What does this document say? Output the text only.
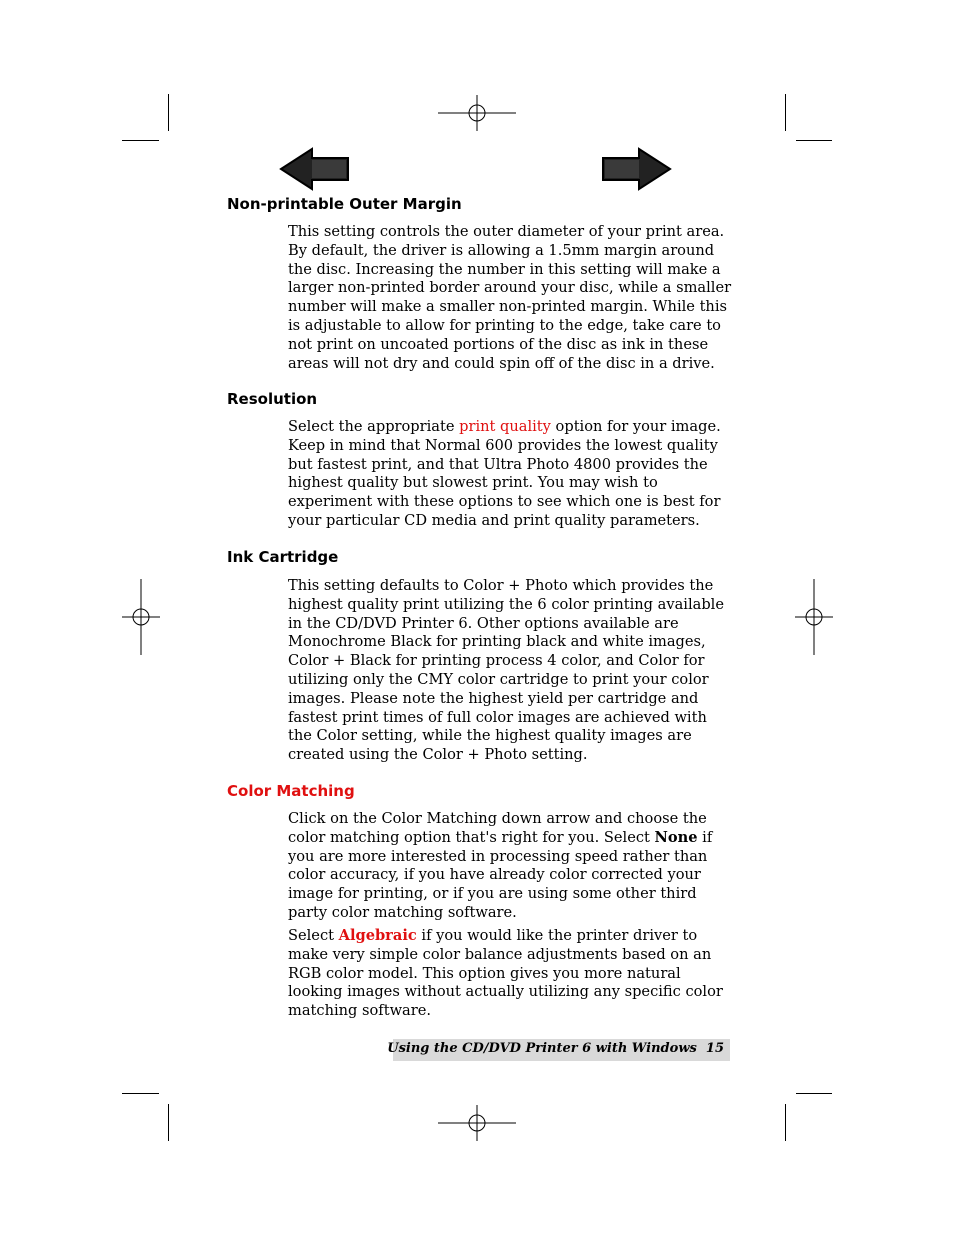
Non-printable Outer Margin

This setting controls the outer diameter of your print area. By default, the driver is allowing a 1.5mm margin around the disc. Increasing the number in this setting will make a larger non-printed border around your disc, while a smaller number will make a smaller non-printed margin. While this is adjustable to allow for printing to the edge, take care to not print on uncoated portions of the disc as ink in these areas will not dry and could spin off of the disc in a drive.

Resolution

Select the appropriate print quality option for your image. Keep in mind that Normal 600 provides the lowest quality but fastest print, and that Ultra Photo 4800 provides the highest quality but slowest print. You may wish to experiment with these options to see which one is best for your particular CD media and print quality parameters.

Ink Cartridge

This setting defaults to Color + Photo which provides the highest quality print utilizing the 6 color printing available in the CD/DVD Printer 6. Other options available are Monochrome Black for printing black and white images, Color + Black for printing process 4 color, and Color for utilizing only the CMY color cartridge to print your color images. Please note the highest yield per cartridge and fastest print times of full color images are achieved with the Color setting, while the highest quality images are created using the Color + Photo setting.

Color Matching

Click on the Color Matching down arrow and choose the color matching option that's right for you. Select None if you are more interested in processing speed rather than color accuracy, if you have already color corrected your image for printing, or if you are using some other third party color matching software.

Select Algebraic if you would like the printer driver to make very simple color balance adjustments based on an RGB color model. This option gives you more natural looking images without actually utilizing any specific color matching software.

Using the CD/DVD Printer 6 with Windows 15
